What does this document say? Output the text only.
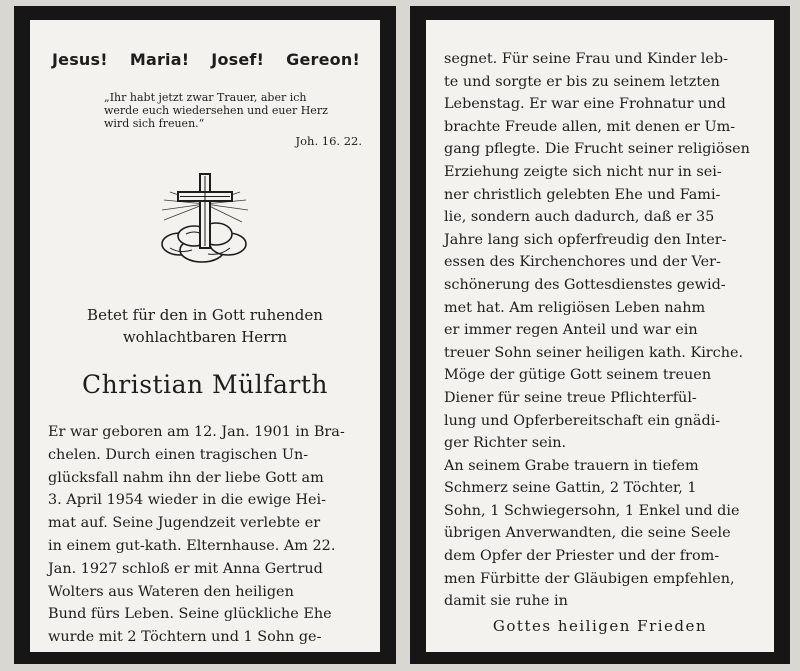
Jesus! Maria! Josef! Gereon!
„Ihr habt jetzt zwar Trauer, aber ich
werde euch wiedersehen und euer Herz
wird sich freuen.“
Joh. 16. 22.
Betet für den in Gott ruhenden
wohlachtbaren Herrn
Christian Mülfarth
Er war geboren am 12. Jan. 1901 in Bra-
chelen. Durch einen tragischen Un-
glücksfall nahm ihn der liebe Gott am
3. April 1954 wieder in die ewige Hei-
mat auf. Seine Jugendzeit verlebte er
in einem gut-kath. Elternhause. Am 22.
Jan. 1927 schloß er mit Anna Gertrud
Wolters aus Wateren den heiligen
Bund fürs Leben. Seine glückliche Ehe
wurde mit 2 Töchtern und 1 Sohn ge-
segnet. Für seine Frau und Kinder leb-
te und sorgte er bis zu seinem letzten
Lebenstag. Er war eine Frohnatur und
brachte Freude allen, mit denen er Um-
gang pflegte. Die Frucht seiner religiösen
Erziehung zeigte sich nicht nur in sei-
ner christlich gelebten Ehe und Fami-
lie, sondern auch dadurch, daß er 35
Jahre lang sich opferfreudig den Inter-
essen des Kirchenchores und der Ver-
schönerung des Gottesdienstes gewid-
met hat. Am religiösen Leben nahm
er immer regen Anteil und war ein
treuer Sohn seiner heiligen kath. Kirche.
Möge der gütige Gott seinem treuen
Diener für seine treue Pflichterfül-
lung und Opferbereitschaft ein gnädi-
ger Richter sein.
An seinem Grabe trauern in tiefem
Schmerz seine Gattin, 2 Töchter, 1
Sohn, 1 Schwiegersohn, 1 Enkel und die
übrigen Anverwandten, die seine Seele
dem Opfer der Priester und der from-
men Fürbitte der Gläubigen empfehlen,
damit sie ruhe in
Gottes heiligen Frieden
